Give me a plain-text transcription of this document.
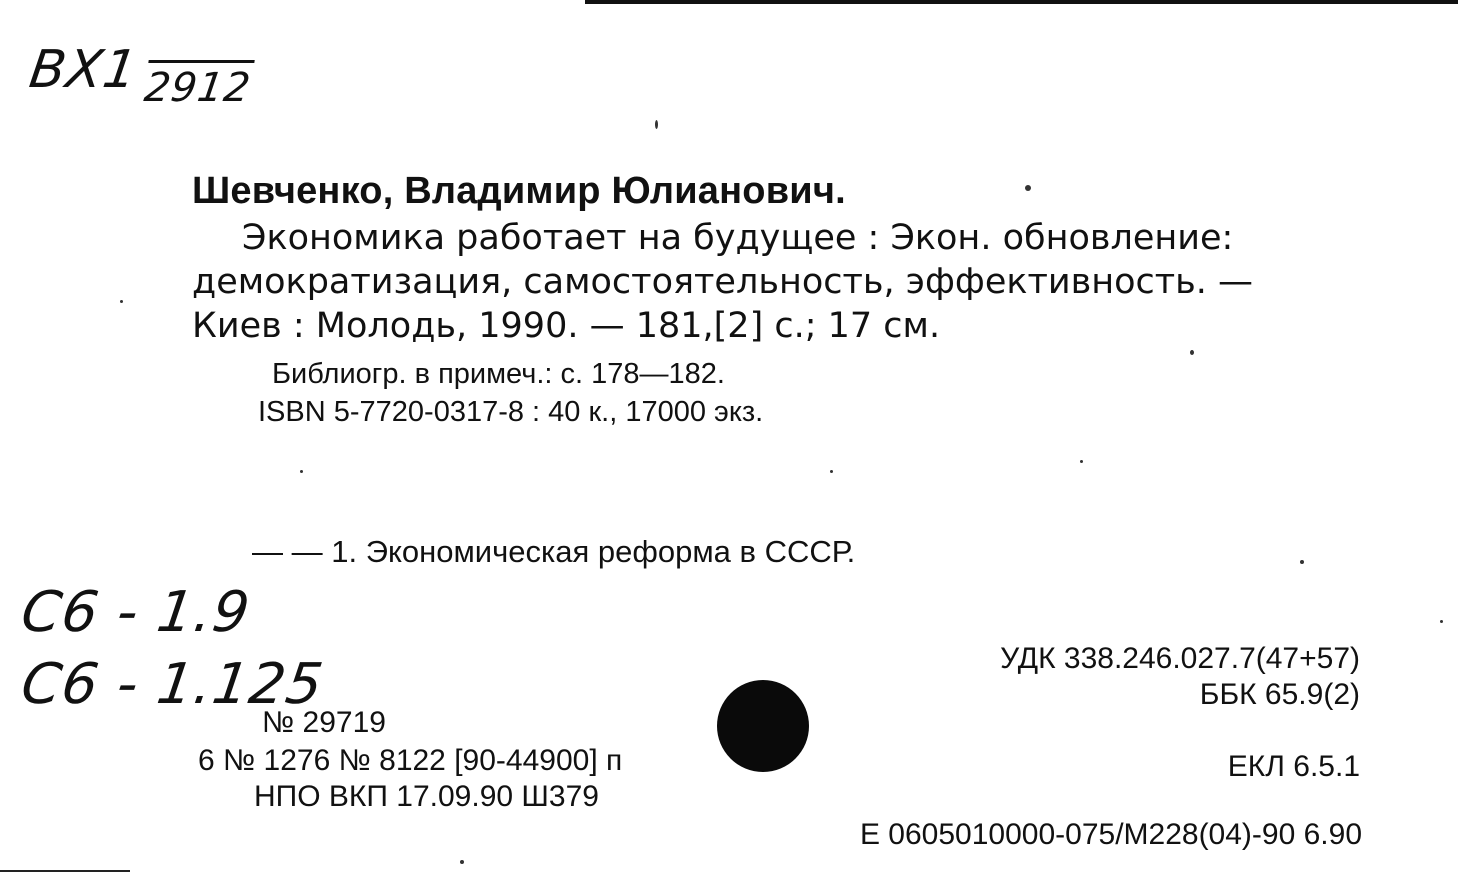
BX1 2912
Шевченко, Владимир Юлианович.
Экономика работает на будущее : Экон. обновление:
демократизация, самостоятельность, эффективность. —
Киев : Молодь, 1990. — 181,[2] с.; 17 см.
Библиогр. в примеч.: с. 178—182.
ISBN 5-7720-0317-8 : 40 к., 17000 экз.
— — 1. Экономическая реформа в СССР.
C6 - 1.9
C6 - 1.125	УДК 338.246.027.7(47+57)
ББК 65.9(2)
ЕКЛ 6.5.1
Е 0605010000-075/М228(04)-90 6.90
№ 29719
6 № 1276 № 8122 [90-44900] п
НПО ВКП 17.09.90 Ш379
